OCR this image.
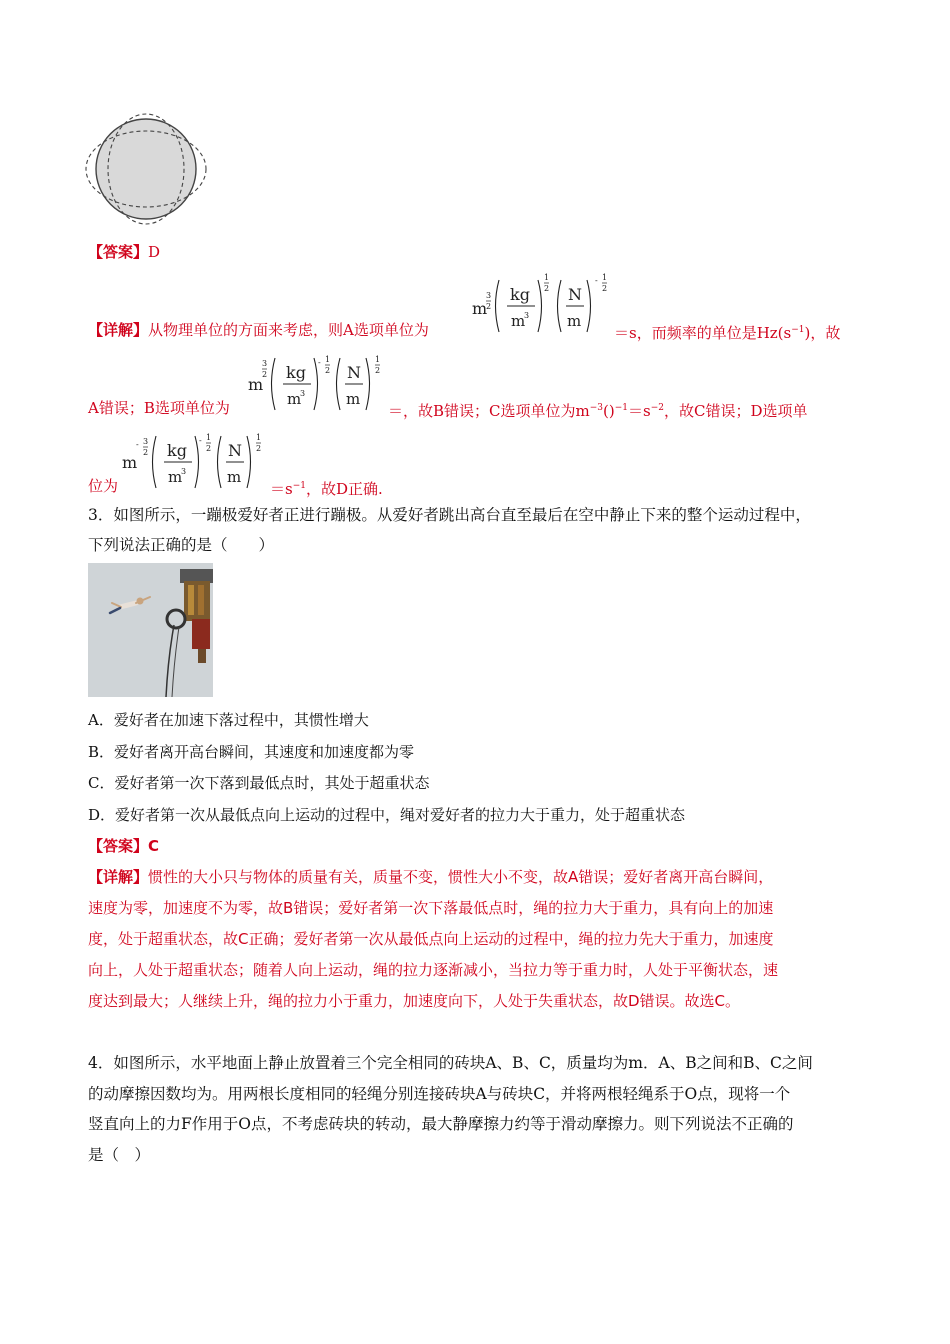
【答案】D
【详解】从物理单位的方面来考虑，则A选项单位为
m
3
2
kg
m
3
1
2 N
m
- 1
2
＝s，而频率的单位是$Hz(s^{-1})$，故
A错误；B选项单位为
m
3
2 kg
m
3
- 1
2 N
m
1
2
＝，故B错误；C选项单位为$m^{-3}()^{-1}=s^{-2}$，故C错误；D选项单
位为
m
- 3
2 kg
m
3
- 1
2 N
m
1
2
$=s^{-1}$，故D正确.
3．如图所示，一蹦极爱好者正进行蹦极。从爱好者跳出高台直至最后在空中静止下来的整个运动过程中，
下列说法正确的是（　　）
A．爱好者在加速下落过程中，其惯性增大
B．爱好者离开高台瞬间，其速度和加速度都为零
C．爱好者第一次下落到最低点时，其处于超重状态
D．爱好者第一次从最低点向上运动的过程中，绳对爱好者的拉力大于重力，处于超重状态
【答案】C
【详解】惯性的大小只与物体的质量有关，质量不变，惯性大小不变，故A错误；爱好者离开高台瞬间，
速度为零，加速度不为零，故B错误；爱好者第一次下落最低点时，绳的拉力大于重力，具有向上的加速
度，处于超重状态，故C正确；爱好者第一次从最低点向上运动的过程中，绳的拉力先大于重力，加速度
向上，人处于超重状态；随着人向上运动，绳的拉力逐渐减小，当拉力等于重力时，人处于平衡状态，速
度达到最大；人继续上升，绳的拉力小于重力，加速度向下，人处于失重状态，故D错误。故选C。
4．如图所示，水平地面上静止放置着三个完全相同的砖块A、B、C，质量均为m．A、B之间和B、C之间
的动摩擦因数均为。用两根长度相同的轻绳分别连接砖块A与砖块C，并将两根轻绳系于O点，现将一个
竖直向上的力F作用于O点，不考虑砖块的转动，最大静摩擦力约等于滑动摩擦力。则下列说法不正确的
是（　）
